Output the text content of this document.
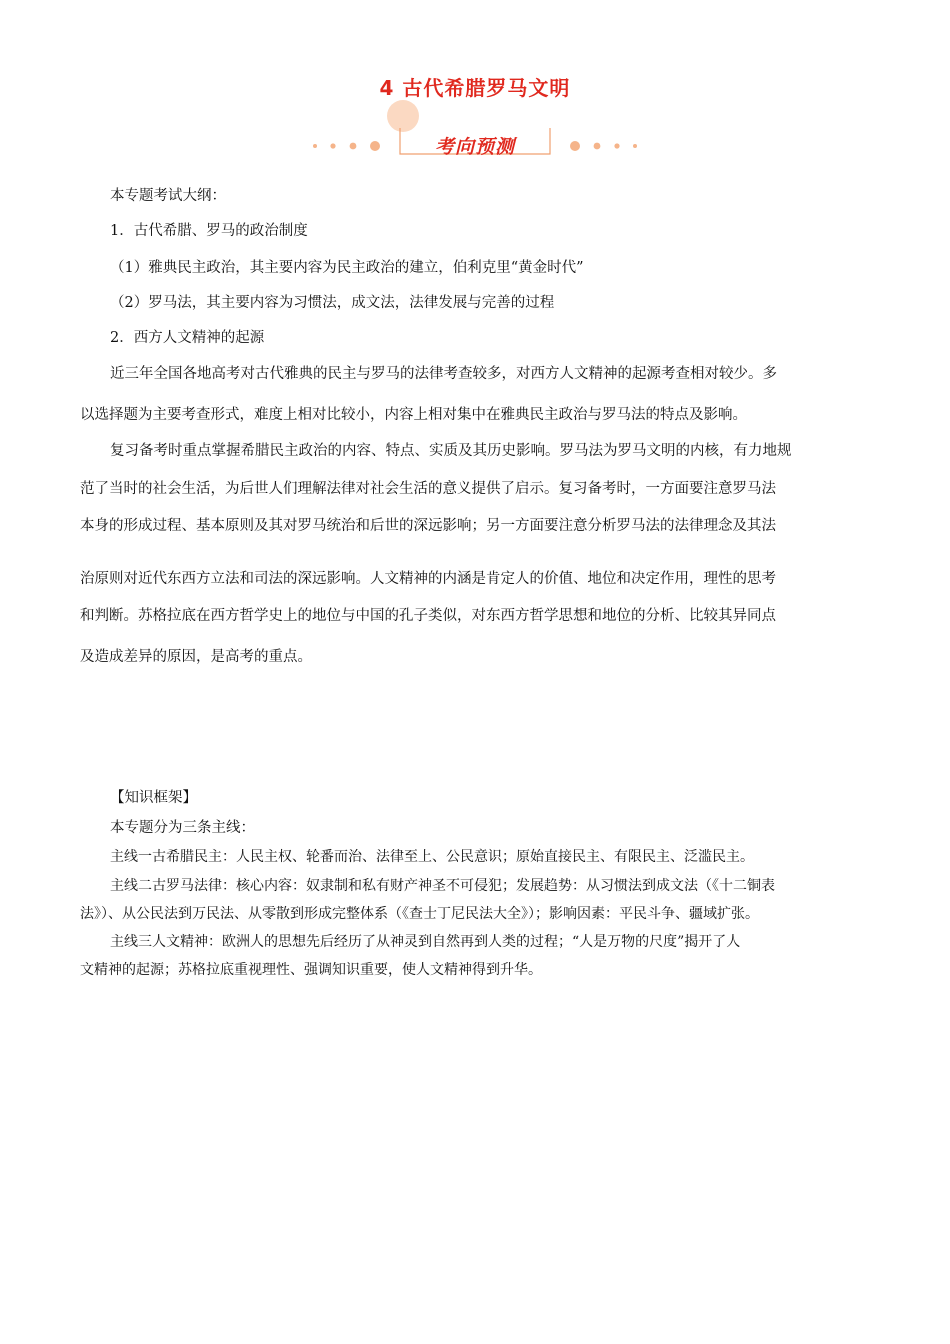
4 古代希腊罗马文明
考向预测
本专题考试大纲：
1．古代希腊、罗马的政治制度
（1）雅典民主政治，其主要内容为民主政治的建立，伯利克里“黄金时代”
（2）罗马法，其主要内容为习惯法，成文法，法律发展与完善的过程
2．西方人文精神的起源
近三年全国各地高考对古代雅典的民主与罗马的法律考查较多，对西方人文精神的起源考查相对较少。多
以选择题为主要考查形式，难度上相对比较小，内容上相对集中在雅典民主政治与罗马法的特点及影响。
复习备考时重点掌握希腊民主政治的内容、特点、实质及其历史影响。罗马法为罗马文明的内核，有力地规
范了当时的社会生活，为后世人们理解法律对社会生活的意义提供了启示。复习备考时，一方面要注意罗马法
本身的形成过程、基本原则及其对罗马统治和后世的深远影响；另一方面要注意分析罗马法的法律理念及其法
治原则对近代东西方立法和司法的深远影响。人文精神的内涵是肯定人的价值、地位和决定作用，理性的思考
和判断。苏格拉底在西方哲学史上的地位与中国的孔子类似，对东西方哲学思想和地位的分析、比较其异同点
及造成差异的原因，是高考的重点。
【知识框架】
本专题分为三条主线：
主线一古希腊民主：人民主权、轮番而治、法律至上、公民意识；原始直接民主、有限民主、泛滥民主。
主线二古罗马法律：核心内容：奴隶制和私有财产神圣不可侵犯；发展趋势：从习惯法到成文法（《十二铜表
法》）、从公民法到万民法、从零散到形成完整体系（《查士丁尼民法大全》）；影响因素：平民斗争、疆域扩张。
主线三人文精神：欧洲人的思想先后经历了从神灵到自然再到人类的过程；“人是万物的尺度”揭开了人
文精神的起源；苏格拉底重视理性、强调知识重要，使人文精神得到升华。
